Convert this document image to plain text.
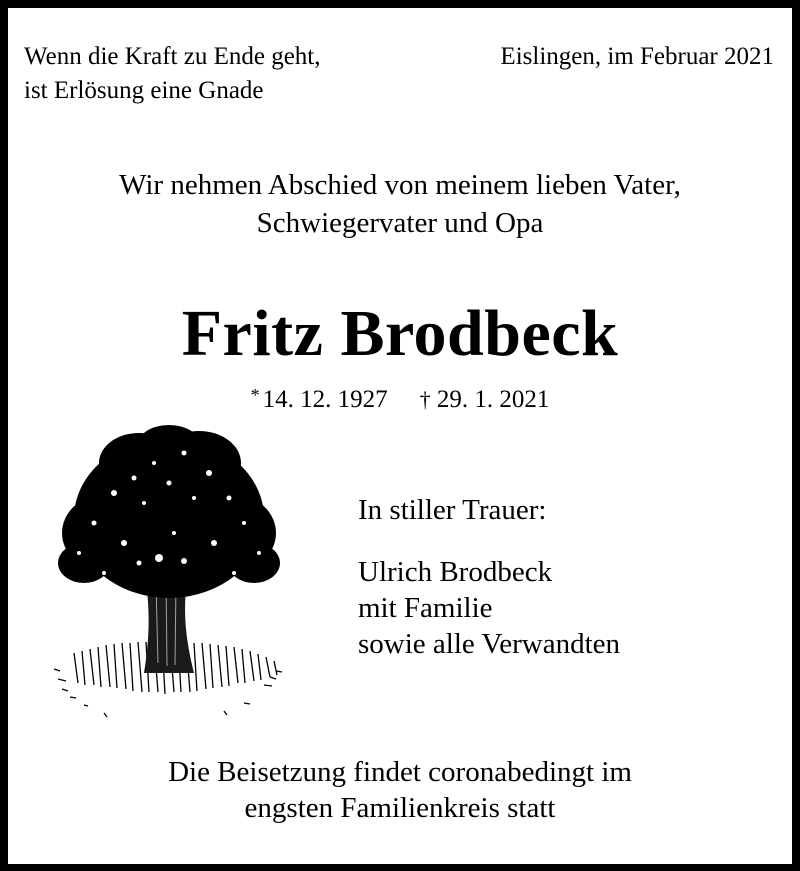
Wenn die Kraft zu Ende geht,
ist Erlösung eine Gnade
Eislingen, im Februar 2021
Wir nehmen Abschied von meinem lieben Vater,
Schwiegervater und Opa
Fritz Brodbeck
* 14. 12. 1927 † 29. 1. 2021
In stiller Trauer:
Ulrich Brodbeck
mit Familie
sowie alle Verwandten
Die Beisetzung findet coronabedingt im
engsten Familienkreis statt
